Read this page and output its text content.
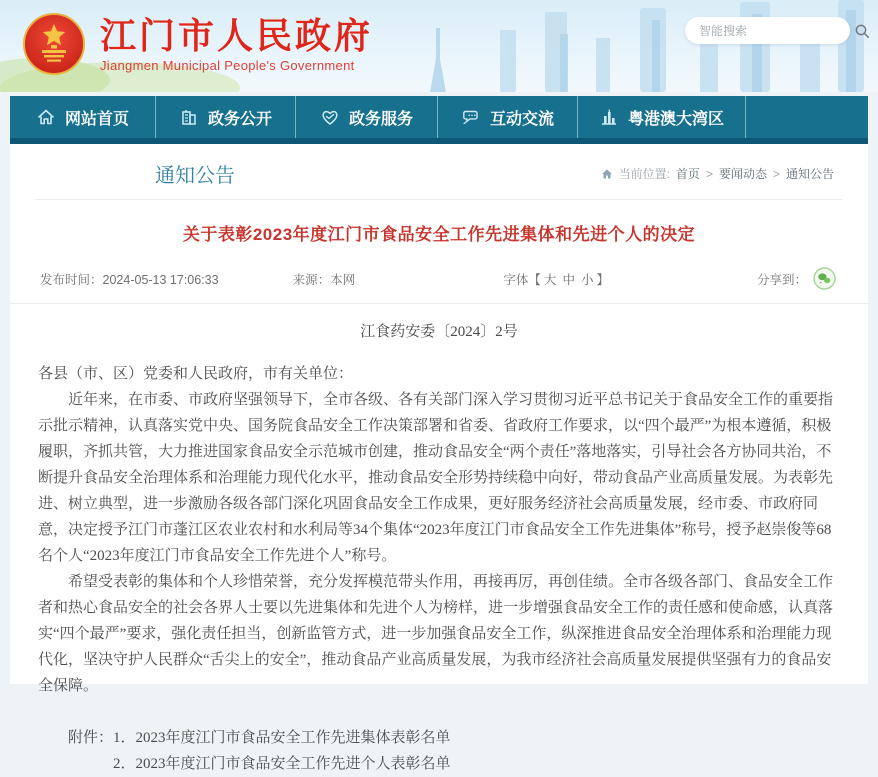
江门市人民政府
Jiangmen Municipal People's Government
智能搜索
网站首页	政务公开	政务服务	互动交流	粤港澳大湾区
通知公告	当前位置: 首页 > 要闻动态 > 通知公告
关于表彰2023年度江门市食品安全工作先进集体和先进个人的决定
发布时间：2024-05-13 17:06:33	来源：本网	字体【 大 中 小 】	分享到：
江食药安委〔2024〕2号

各县（市、区）党委和人民政府，市有关单位：

近年来，在市委、市政府坚强领导下，全市各级、各有关部门深入学习贯彻习近平总书记关于食品安全工作的重要指示批示精神，认真落实党中央、国务院食品安全工作决策部署和省委、省政府工作要求，以“四个最严”为根本遵循，积极履职，齐抓共管，大力推进国家食品安全示范城市创建，推动食品安全“两个责任”落地落实，引导社会各方协同共治，不断提升食品安全治理体系和治理能力现代化水平，推动食品安全形势持续稳中向好，带动食品产业高质量发展。为表彰先进、树立典型，进一步激励各级各部门深化巩固食品安全工作成果，更好服务经济社会高质量发展，经市委、市政府同意，决定授予江门市蓬江区农业农村和水利局等34个集体“2023年度江门市食品安全工作先进集体”称号，授予赵崇俊等68名个人“2023年度江门市食品安全工作先进个人”称号。

希望受表彰的集体和个人珍惜荣誉，充分发挥模范带头作用，再接再厉，再创佳绩。全市各级各部门、食品安全工作者和热心食品安全的社会各界人士要以先进集体和先进个人为榜样，进一步增强食品安全工作的责任感和使命感，认真落实“四个最严”要求，强化责任担当，创新监管方式，进一步加强食品安全工作，纵深推进食品安全治理体系和治理能力现代化，坚决守护人民群众“舌尖上的安全”，推动食品产业高质量发展，为我市经济社会高质量发展提供坚强有力的食品安全保障。

附件： 1．2023年度江门市食品安全工作先进集体表彰名单
2．2023年度江门市食品安全工作先进个人表彰名单
